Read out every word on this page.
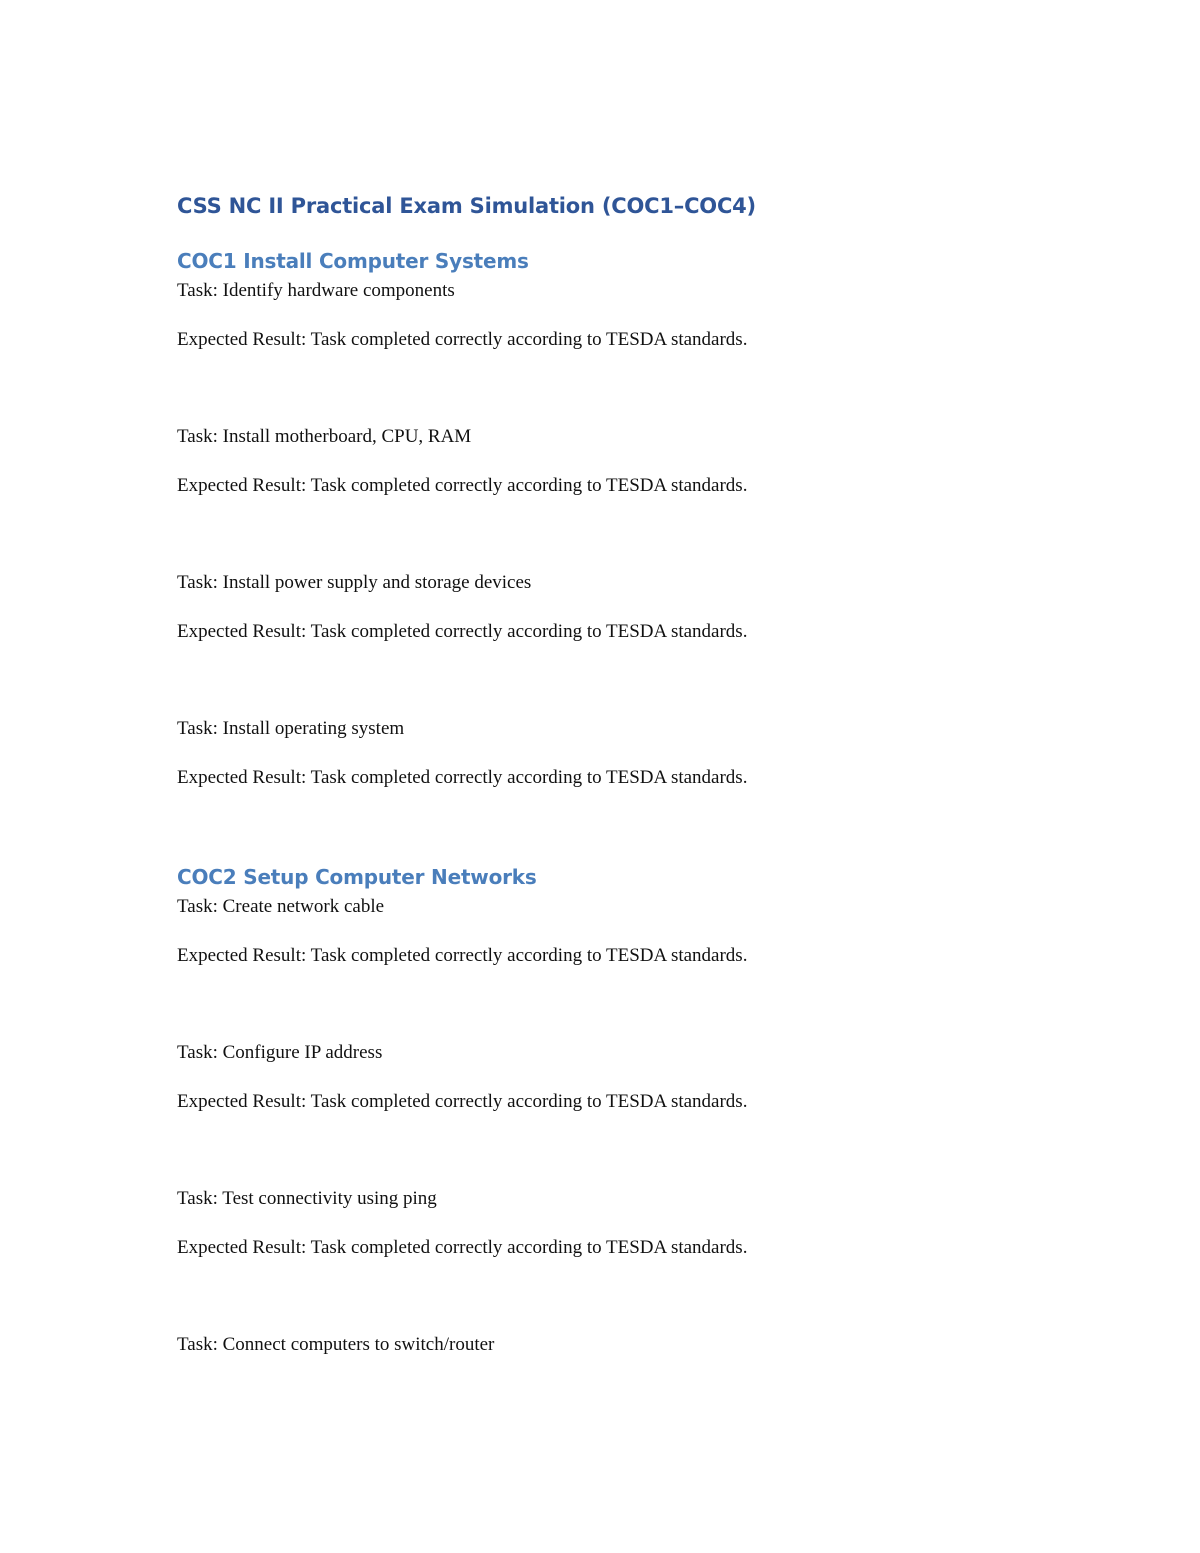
CSS NC II Practical Exam Simulation (COC1–COC4)
COC1 Install Computer Systems

Task: Identify hardware components

Expected Result: Task completed correctly according to TESDA standards.

Task: Install motherboard, CPU, RAM

Expected Result: Task completed correctly according to TESDA standards.

Task: Install power supply and storage devices

Expected Result: Task completed correctly according to TESDA standards.

Task: Install operating system

Expected Result: Task completed correctly according to TESDA standards.

COC2 Setup Computer Networks

Task: Create network cable

Expected Result: Task completed correctly according to TESDA standards.

Task: Configure IP address

Expected Result: Task completed correctly according to TESDA standards.

Task: Test connectivity using ping

Expected Result: Task completed correctly according to TESDA standards.

Task: Connect computers to switch/router
